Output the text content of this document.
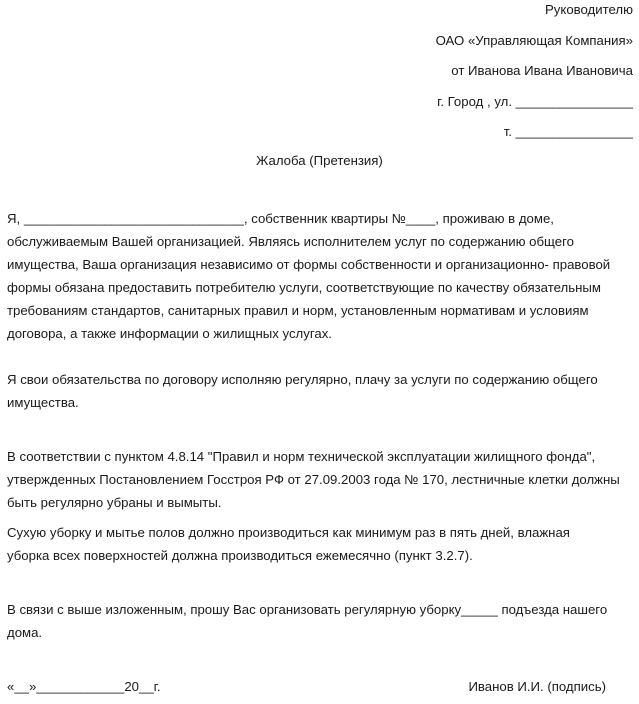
Руководителю
ОАО «Управляющая Компания»
от Иванова Ивана Ивановича
г. Город , ул. ________________
т. ________________
Жалоба (Претензия)
Я, ______________________________, собственник квартиры №____, проживаю в доме,
обслуживаемым Вашей организацией. Являясь исполнителем услуг по содержанию общего
имущества, Ваша организация независимо от формы собственности и организационно- правовой
формы обязана предоставить потребителю услуги, соответствующие по качеству обязательным
требованиям стандартов, санитарных правил и норм, установленным нормативам и условиям
договора, а также информации о жилищных услугах.
Я свои обязательства по договору исполняю регулярно, плачу за услуги по содержанию общего
имущества.
В соответствии с пунктом 4.8.14 "Правил и норм технической эксплуатации жилищного фонда",
утвержденных Постановлением Госстроя РФ от 27.09.2003 года № 170, лестничные клетки должны
быть регулярно убраны и вымыты.
Сухую уборку и мытье полов должно производиться как минимум раз в пять дней, влажная
уборка всех поверхностей должна производиться ежемесячно (пункт 3.2.7).
В связи с выше изложенным, прошу Вас организовать регулярную уборку_____ подъезда нашего
дома.
«__»____________20__г.	Иванов И.И. (подпись)
